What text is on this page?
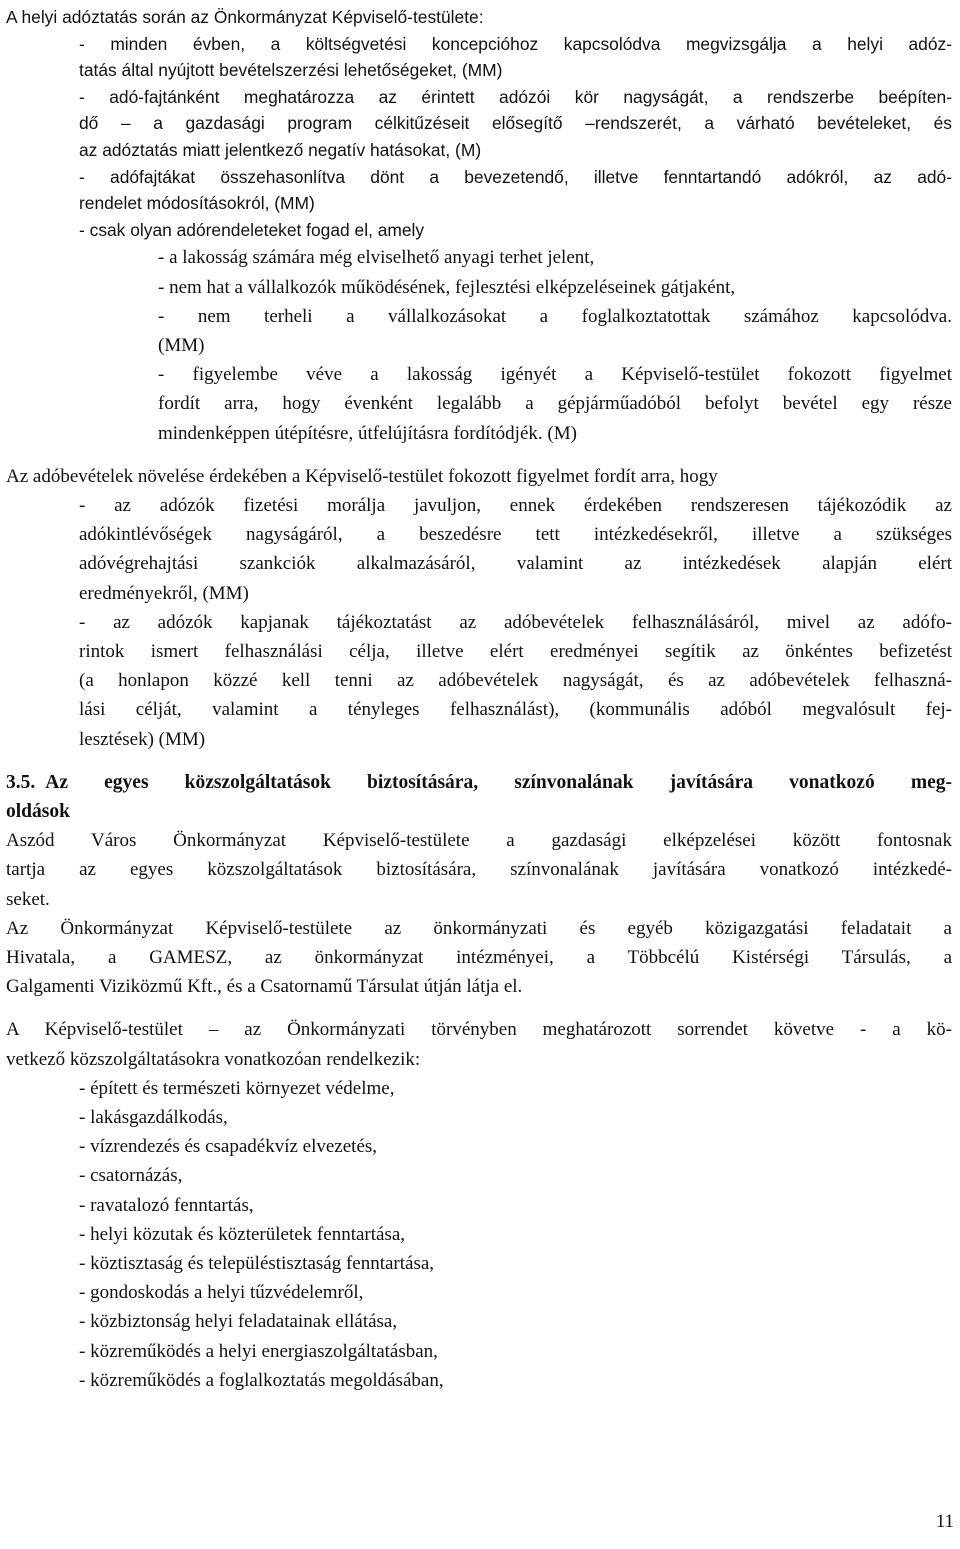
A helyi adóztatás során az Önkormányzat Képviselő-testülete:
- minden évben, a költségvetési koncepcióhoz kapcsolódva megvizsgálja a helyi adóz-
tatás által nyújtott bevételszerzési lehetőségeket, (MM)
- adó-fajtánként meghatározza az érintett adózói kör nagyságát, a rendszerbe beépíten-
dő – a gazdasági program célkitűzéseit elősegítő –rendszerét, a várható bevételeket, és
az adóztatás miatt jelentkező negatív hatásokat, (M)
- adófajtákat összehasonlítva dönt a bevezetendő, illetve fenntartandó adókról, az adó-
rendelet módosításokról, (MM)
- csak olyan adórendeleteket fogad el, amely
- a lakosság számára még elviselhető anyagi terhet jelent,
- nem hat a vállalkozók működésének, fejlesztési elképzeléseinek gátjaként,
- nem terheli a vállalkozásokat a foglalkoztatottak számához kapcsolódva.
(MM)
- figyelembe véve a lakosság igényét a Képviselő-testület fokozott figyelmet
fordít arra, hogy évenként legalább a gépjárműadóból befolyt bevétel egy része
mindenképpen útépítésre, útfelújításra fordítódjék. (M)
Az adóbevételek növelése érdekében a Képviselő-testület fokozott figyelmet fordít arra, hogy
- az adózók fizetési morálja javuljon, ennek érdekében rendszeresen tájékozódik az
adókintlévőségek nagyságáról, a beszedésre tett intézkedésekről, illetve a szükséges
adóvégrehajtási szankciók alkalmazásáról, valamint az intézkedések alapján elért
eredményekről, (MM)
- az adózók kapjanak tájékoztatást az adóbevételek felhasználásáról, mivel az adófo-
rintok ismert felhasználási célja, illetve elért eredményei segítik az önkéntes befizetést
(a honlapon közzé kell tenni az adóbevételek nagyságát, és az adóbevételek felhaszná-
lási célját, valamint a tényleges felhasználást), (kommunális adóból megvalósult fej-
lesztések) (MM)
3.5. Az egyes közszolgáltatások biztosítására, színvonalának javítására vonatkozó meg-
oldások
Aszód Város Önkormányzat Képviselő-testülete a gazdasági elképzelései között fontosnak
tartja az egyes közszolgáltatások biztosítására, színvonalának javítására vonatkozó intézkedé-
seket.
Az Önkormányzat Képviselő-testülete az önkormányzati és egyéb közigazgatási feladatait a
Hivatala, a GAMESZ, az önkormányzat intézményei, a Többcélú Kistérségi Társulás, a
Galgamenti Viziközmű Kft., és a Csatornamű Társulat útján látja el.
A Képviselő-testület – az Önkormányzati törvényben meghatározott sorrendet követve - a kö-
vetkező közszolgáltatásokra vonatkozóan rendelkezik:
- épített és természeti környezet védelme,
- lakásgazdálkodás,
- vízrendezés és csapadékvíz elvezetés,
- csatornázás,
- ravatalozó fenntartás,
- helyi közutak és közterületek fenntartása,
- köztisztaság és településtisztaság fenntartása,
- gondoskodás a helyi tűzvédelemről,
- közbiztonság helyi feladatainak ellátása,
- közreműködés a helyi energiaszolgáltatásban,
- közreműködés a foglalkoztatás megoldásában,
11
